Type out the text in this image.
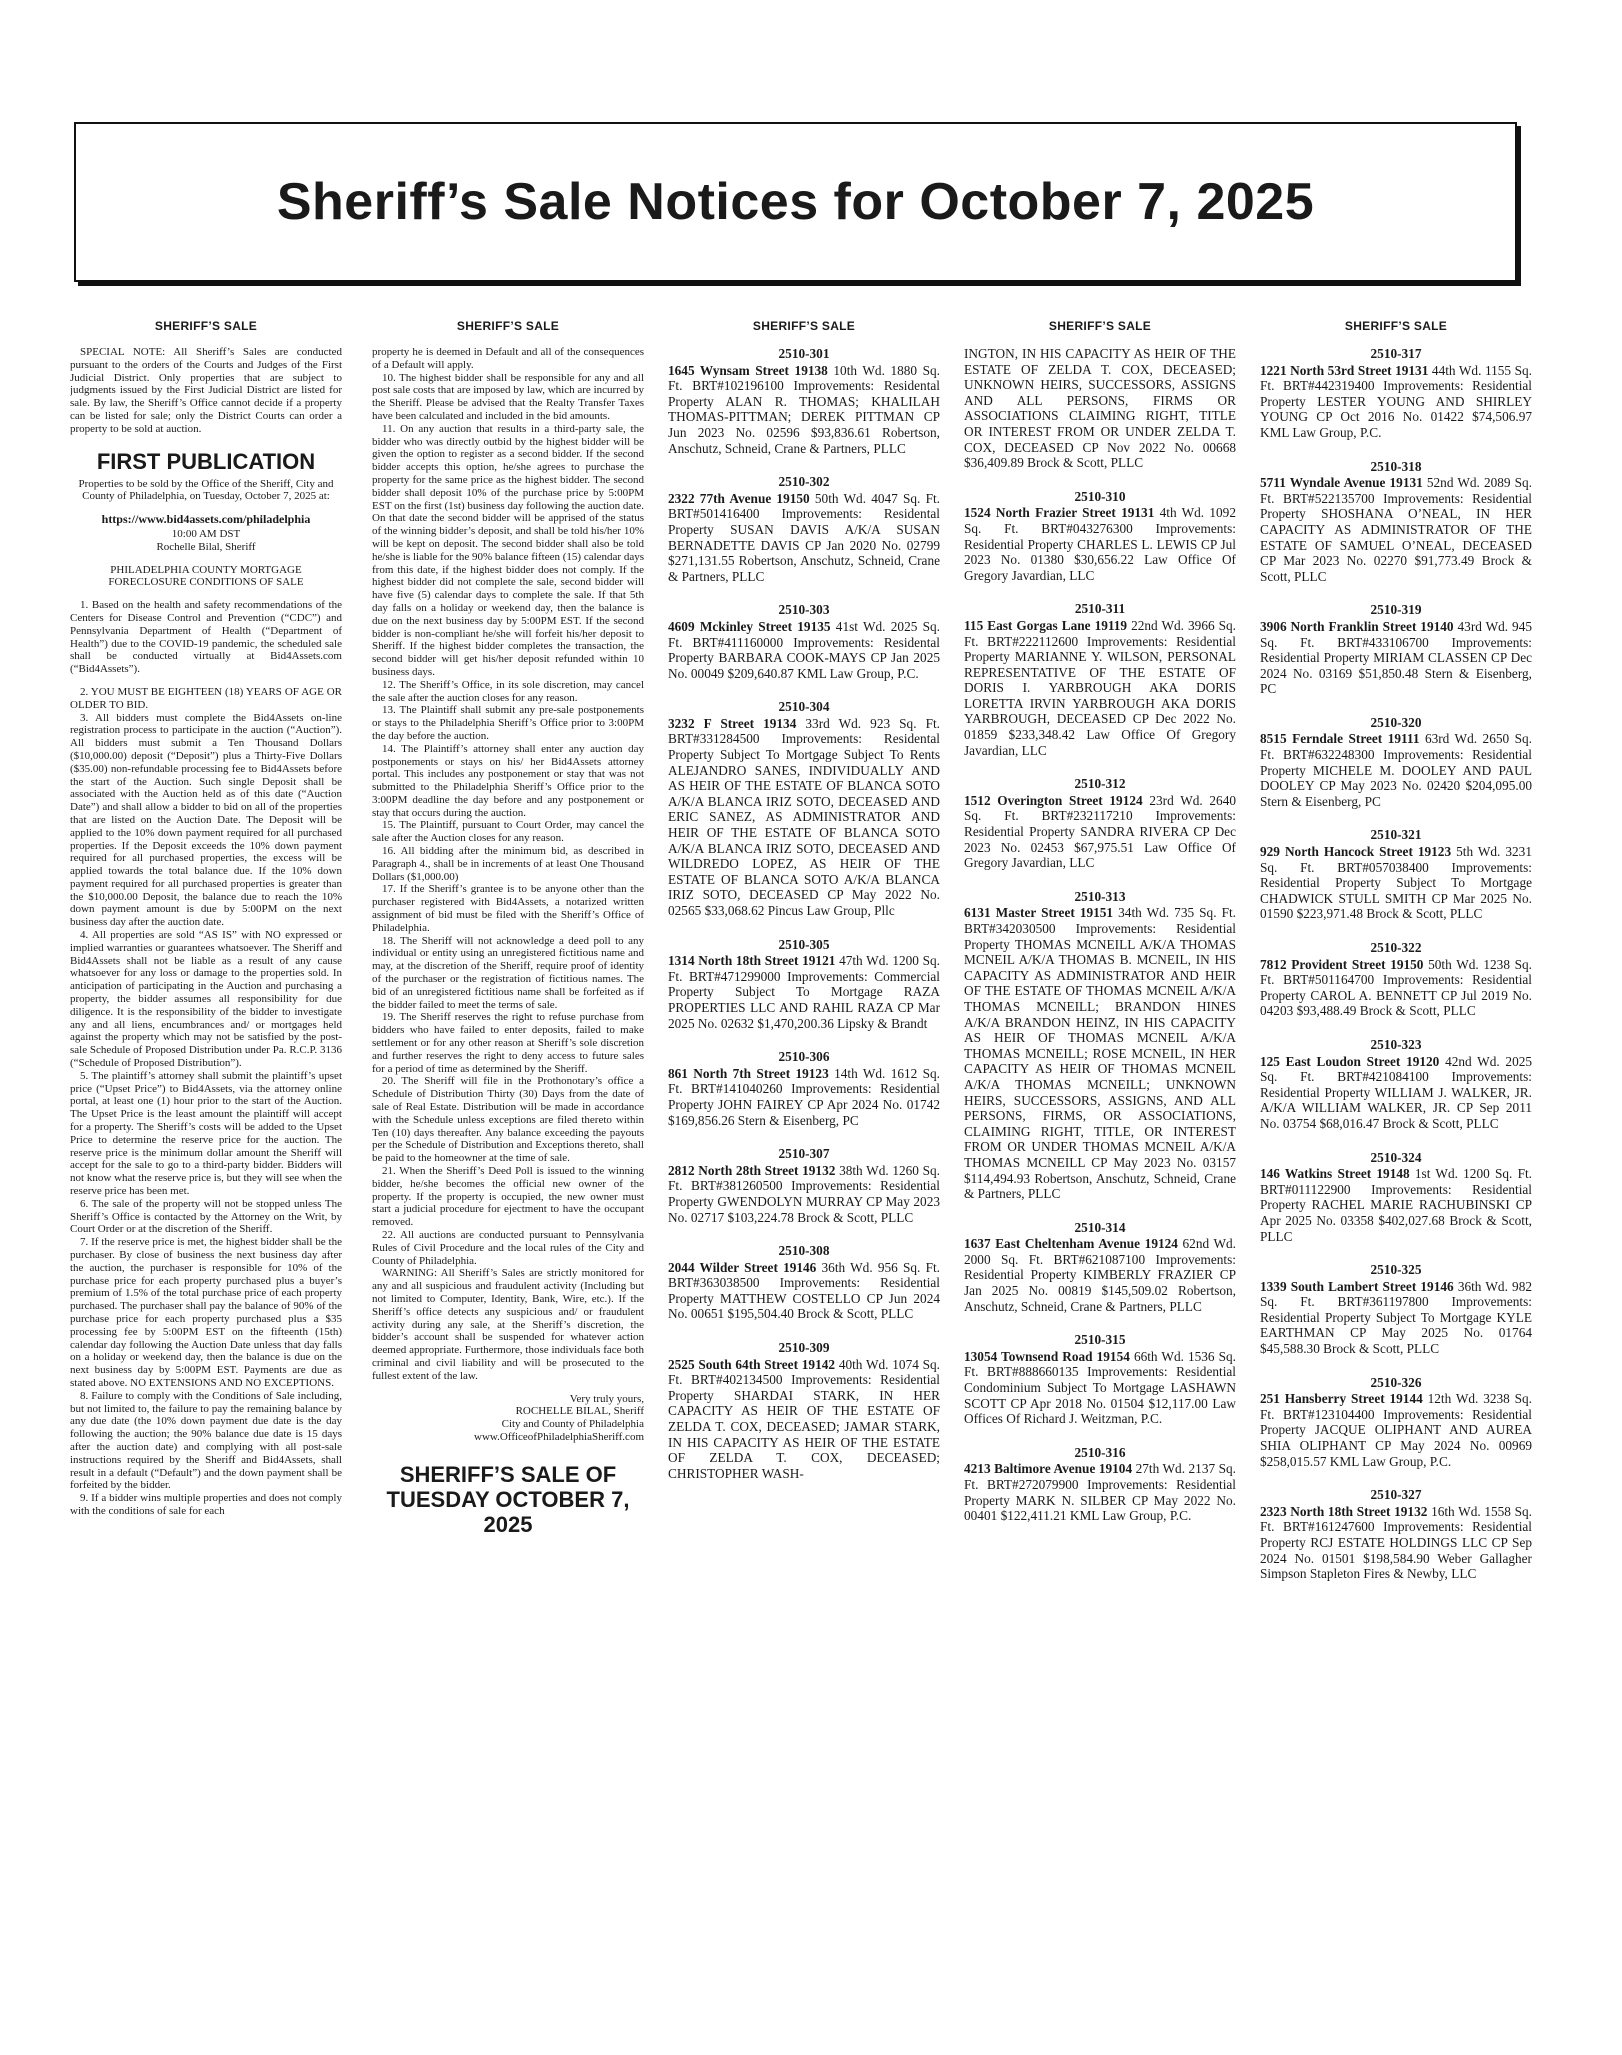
Sheriff’s Sale Notices for October 7, 2025
SHERIFF’S SALE

SPECIAL NOTE: All Sheriff’s Sales are conducted pursuant to the orders of the Courts and Judges of the First Judicial District. Only properties that are subject to judgments issued by the First Judicial District are listed for sale. By law, the Sheriff’s Office cannot decide if a property can be listed for sale; only the District Courts can order a property to be sold at auction.

FIRST PUBLICATION

Properties to be sold by the Office of the Sheriff, City and County of Philadelphia, on Tuesday, October 7, 2025 at:

https://www.bid4assets.com/philadelphia

10:00 AM DST

Rochelle Bilal, Sheriff

PHILADELPHIA COUNTY MORTGAGE FORECLOSURE CONDITIONS OF SALE

1. Based on the health and safety recommendations of the Centers for Disease Control and Prevention (“CDC”) and Pennsylvania Department of Health (“Department of Health”) due to the COVID-19 pandemic, the scheduled sale shall be conducted virtually at Bid4Assets.com (“Bid4Assets”).

2. YOU MUST BE EIGHTEEN (18) YEARS OF AGE OR OLDER TO BID.

3. All bidders must complete the Bid4Assets on-line registration process to participate in the auction (“Auction”). All bidders must submit a Ten Thousand Dollars ($10,000.00) deposit (“Deposit”) plus a Thirty-Five Dollars ($35.00) non-refundable processing fee to Bid4Assets before the start of the Auction. Such single Deposit shall be associated with the Auction held as of this date (“Auction Date”) and shall allow a bidder to bid on all of the properties that are listed on the Auction Date. The Deposit will be applied to the 10% down payment required for all purchased properties. If the Deposit exceeds the 10% down payment required for all purchased properties, the excess will be applied towards the total balance due. If the 10% down payment required for all purchased properties is greater than the $10,000.00 Deposit, the balance due to reach the 10% down payment amount is due by 5:00PM on the next business day after the auction date.

4. All properties are sold “AS IS” with NO expressed or implied warranties or guarantees whatsoever. The Sheriff and Bid4Assets shall not be liable as a result of any cause whatsoever for any loss or damage to the properties sold. In anticipation of participating in the Auction and purchasing a property, the bidder assumes all responsibility for due diligence. It is the responsibility of the bidder to investigate any and all liens, encumbrances and/ or mortgages held against the property which may not be satisfied by the post-sale Schedule of Proposed Distribution under Pa. R.C.P. 3136 (“Schedule of Proposed Distribution”).

5. The plaintiff’s attorney shall submit the plaintiff’s upset price (“Upset Price”) to Bid4Assets, via the attorney online portal, at least one (1) hour prior to the start of the Auction. The Upset Price is the least amount the plaintiff will accept for a property. The Sheriff’s costs will be added to the Upset Price to determine the reserve price for the auction. The reserve price is the minimum dollar amount the Sheriff will accept for the sale to go to a third-party bidder. Bidders will not know what the reserve price is, but they will see when the reserve price has been met.

6. The sale of the property will not be stopped unless The Sheriff’s Office is contacted by the Attorney on the Writ, by Court Order or at the discretion of the Sheriff.

7. If the reserve price is met, the highest bidder shall be the purchaser. By close of business the next business day after the auction, the purchaser is responsible for 10% of the purchase price for each property purchased plus a buyer’s premium of 1.5% of the total purchase price of each property purchased. The purchaser shall pay the balance of 90% of the purchase price for each property purchased plus a $35 processing fee by 5:00PM EST on the fifteenth (15th) calendar day following the Auction Date unless that day falls on a holiday or weekend day, then the balance is due on the next business day by 5:00PM EST. Payments are due as stated above. NO EXTENSIONS AND NO EXCEPTIONS.

8. Failure to comply with the Conditions of Sale including, but not limited to, the failure to pay the remaining balance by any due date (the 10% down payment due date is the day following the auction; the 90% balance due date is 15 days after the auction date) and complying with all post-sale instructions required by the Sheriff and Bid4Assets, shall result in a default (“Default”) and the down payment shall be forfeited by the bidder.

9. If a bidder wins multiple properties and does not comply with the conditions of sale for each

SHERIFF’S SALE

property he is deemed in Default and all of the consequences of a Default will apply.

10. The highest bidder shall be responsible for any and all post sale costs that are imposed by law, which are incurred by the Sheriff. Please be advised that the Realty Transfer Taxes have been calculated and included in the bid amounts.

11. On any auction that results in a third-party sale, the bidder who was directly outbid by the highest bidder will be given the option to register as a second bidder. If the second bidder accepts this option, he/she agrees to purchase the property for the same price as the highest bidder. The second bidder shall deposit 10% of the purchase price by 5:00PM EST on the first (1st) business day following the auction date. On that date the second bidder will be apprised of the status of the winning bidder’s deposit, and shall be told his/her 10% will be kept on deposit. The second bidder shall also be told he/she is liable for the 90% balance fifteen (15) calendar days from this date, if the highest bidder does not comply. If the highest bidder did not complete the sale, second bidder will have five (5) calendar days to complete the sale. If that 5th day falls on a holiday or weekend day, then the balance is due on the next business day by 5:00PM EST. If the second bidder is non-compliant he/she will forfeit his/her deposit to Sheriff. If the highest bidder completes the transaction, the second bidder will get his/her deposit refunded within 10 business days.

12. The Sheriff’s Office, in its sole discretion, may cancel the sale after the auction closes for any reason.

13. The Plaintiff shall submit any pre-sale postponements or stays to the Philadelphia Sheriff’s Office prior to 3:00PM the day before the auction.

14. The Plaintiff’s attorney shall enter any auction day postponements or stays on his/ her Bid4Assets attorney portal. This includes any postponement or stay that was not submitted to the Philadelphia Sheriff’s Office prior to the 3:00PM deadline the day before and any postponement or stay that occurs during the auction.

15. The Plaintiff, pursuant to Court Order, may cancel the sale after the Auction closes for any reason.

16. All bidding after the minimum bid, as described in Paragraph 4., shall be in increments of at least One Thousand Dollars ($1,000.00)

17. If the Sheriff’s grantee is to be anyone other than the purchaser registered with Bid4Assets, a notarized written assignment of bid must be filed with the Sheriff’s Office of Philadelphia.

18. The Sheriff will not acknowledge a deed poll to any individual or entity using an unregistered fictitious name and may, at the discretion of the Sheriff, require proof of identity of the purchaser or the registration of fictitious names. The bid of an unregistered fictitious name shall be forfeited as if the bidder failed to meet the terms of sale.

19. The Sheriff reserves the right to refuse purchase from bidders who have failed to enter deposits, failed to make settlement or for any other reason at Sheriff’s sole discretion and further reserves the right to deny access to future sales for a period of time as determined by the Sheriff.

20. The Sheriff will file in the Prothonotary’s office a Schedule of Distribution Thirty (30) Days from the date of sale of Real Estate. Distribution will be made in accordance with the Schedule unless exceptions are filed thereto within Ten (10) days thereafter. Any balance exceeding the payouts per the Schedule of Distribution and Exceptions thereto, shall be paid to the homeowner at the time of sale.

21. When the Sheriff’s Deed Poll is issued to the winning bidder, he/she becomes the official new owner of the property. If the property is occupied, the new owner must start a judicial procedure for ejectment to have the occupant removed.

22. All auctions are conducted pursuant to Pennsylvania Rules of Civil Procedure and the local rules of the City and County of Philadelphia.

WARNING: All Sheriff’s Sales are strictly monitored for any and all suspicious and fraudulent activity (Including but not limited to Computer, Identity, Bank, Wire, etc.). If the Sheriff’s office detects any suspicious and/ or fraudulent activity during any sale, at the Sheriff’s discretion, the bidder’s account shall be suspended for whatever action deemed appropriate. Furthermore, those individuals face both criminal and civil liability and will be prosecuted to the fullest extent of the law.

Very truly yours,

ROCHELLE BILAL, Sheriff

City and County of Philadelphia

www.OfficeofPhiladelphiaSheriff.com

SHERIFF’S SALE OF TUESDAY OCTOBER 7, 2025
SHERIFF’S SALE
2510-301
1645 Wynsam Street 19138 10th Wd. 1880 Sq. Ft. BRT#102196100 Improvements: Residental Property ALAN R. THOMAS; KHALILAH THOMAS-PITTMAN; DEREK PITTMAN CP Jun 2023 No. 02596 $93,836.61 Robertson, Anschutz, Schneid, Crane & Partners, PLLC
2510-302
2322 77th Avenue 19150 50th Wd. 4047 Sq. Ft. BRT#501416400 Improvements: Residental Property SUSAN DAVIS A/K/A SUSAN BERNADETTE DAVIS CP Jan 2020 No. 02799 $271,131.55 Robertson, Anschutz, Schneid, Crane & Partners, PLLC
2510-303
4609 Mckinley Street 19135 41st Wd. 2025 Sq. Ft. BRT#411160000 Improvements: Residental Property BARBARA COOK-MAYS CP Jan 2025 No. 00049 $209,640.87 KML Law Group, P.C.
2510-304
3232 F Street 19134 33rd Wd. 923 Sq. Ft. BRT#331284500 Improvements: Residental Property Subject To Mortgage Subject To Rents ALEJANDRO SANES, INDIVIDUALLY AND AS HEIR OF THE ESTATE OF BLANCA SOTO A/K/A BLANCA IRIZ SOTO, DECEASED AND ERIC SANEZ, AS ADMINISTRATOR AND HEIR OF THE ESTATE OF BLANCA SOTO A/K/A BLANCA IRIZ SOTO, DECEASED AND WILDREDO LOPEZ, AS HEIR OF THE ESTATE OF BLANCA SOTO A/K/A BLANCA IRIZ SOTO, DECEASED CP May 2022 No. 02565 $33,068.62 Pincus Law Group, Pllc
2510-305
1314 North 18th Street 19121 47th Wd. 1200 Sq. Ft. BRT#471299000 Improvements: Commercial Property Subject To Mortgage RAZA PROPERTIES LLC AND RAHIL RAZA CP Mar 2025 No. 02632 $1,470,200.36 Lipsky & Brandt
2510-306
861 North 7th Street 19123 14th Wd. 1612 Sq. Ft. BRT#141040260 Improvements: Residential Property JOHN FAIREY CP Apr 2024 No. 01742 $169,856.26 Stern & Eisenberg, PC
2510-307
2812 North 28th Street 19132 38th Wd. 1260 Sq. Ft. BRT#381260500 Improvements: Residential Property GWENDOLYN MURRAY CP May 2023 No. 02717 $103,224.78 Brock & Scott, PLLC
2510-308
2044 Wilder Street 19146 36th Wd. 956 Sq. Ft. BRT#363038500 Improvements: Residential Property MATTHEW COSTELLO CP Jun 2024 No. 00651 $195,504.40 Brock & Scott, PLLC
2510-309
2525 South 64th Street 19142 40th Wd. 1074 Sq. Ft. BRT#402134500 Improvements: Residential Property SHARDAI STARK, IN HER CAPACITY AS HEIR OF THE ESTATE OF ZELDA T. COX, DECEASED; JAMAR STARK, IN HIS CAPACITY AS HEIR OF THE ESTATE OF ZELDA T. COX, DECEASED; CHRISTOPHER WASH-
SHERIFF’S SALE
INGTON, IN HIS CAPACITY AS HEIR OF THE ESTATE OF ZELDA T. COX, DECEASED; UNKNOWN HEIRS, SUCCESSORS, ASSIGNS AND ALL PERSONS, FIRMS OR ASSOCIATIONS CLAIMING RIGHT, TITLE OR INTEREST FROM OR UNDER ZELDA T. COX, DECEASED CP Nov 2022 No. 00668 $36,409.89 Brock & Scott, PLLC
2510-310
1524 North Frazier Street 19131 4th Wd. 1092 Sq. Ft. BRT#043276300 Improvements: Residential Property CHARLES L. LEWIS CP Jul 2023 No. 01380 $30,656.22 Law Office Of Gregory Javardian, LLC
2510-311
115 East Gorgas Lane 19119 22nd Wd. 3966 Sq. Ft. BRT#222112600 Improvements: Residential Property MARIANNE Y. WILSON, PERSONAL REPRESENTATIVE OF THE ESTATE OF DORIS I. YARBROUGH AKA DORIS LORETTA IRVIN YARBROUGH AKA DORIS YARBROUGH, DECEASED CP Dec 2022 No. 01859 $233,348.42 Law Office Of Gregory Javardian, LLC
2510-312
1512 Overington Street 19124 23rd Wd. 2640 Sq. Ft. BRT#232117210 Improvements: Residential Property SANDRA RIVERA CP Dec 2023 No. 02453 $67,975.51 Law Office Of Gregory Javardian, LLC
2510-313
6131 Master Street 19151 34th Wd. 735 Sq. Ft. BRT#342030500 Improvements: Residential Property THOMAS MCNEILL A/K/A THOMAS MCNEIL A/K/A THOMAS B. MCNEIL, IN HIS CAPACITY AS ADMINISTRATOR AND HEIR OF THE ESTATE OF THOMAS MCNEIL A/K/A THOMAS MCNEILL; BRANDON HINES A/K/A BRANDON HEINZ, IN HIS CAPACITY AS HEIR OF THOMAS MCNEIL A/K/A THOMAS MCNEILL; ROSE MCNEIL, IN HER CAPACITY AS HEIR OF THOMAS MCNEIL A/K/A THOMAS MCNEILL; UNKNOWN HEIRS, SUCCESSORS, ASSIGNS, AND ALL PERSONS, FIRMS, OR ASSOCIATIONS, CLAIMING RIGHT, TITLE, OR INTEREST FROM OR UNDER THOMAS MCNEIL A/K/A THOMAS MCNEILL CP May 2023 No. 03157 $114,494.93 Robertson, Anschutz, Schneid, Crane & Partners, PLLC
2510-314
1637 East Cheltenham Avenue 19124 62nd Wd. 2000 Sq. Ft. BRT#621087100 Improvements: Residential Property KIMBERLY FRAZIER CP Jan 2025 No. 00819 $145,509.02 Robertson, Anschutz, Schneid, Crane & Partners, PLLC
2510-315
13054 Townsend Road 19154 66th Wd. 1536 Sq. Ft. BRT#888660135 Improvements: Residential Condominium Subject To Mortgage LASHAWN SCOTT CP Apr 2018 No. 01504 $12,117.00 Law Offices Of Richard J. Weitzman, P.C.
2510-316
4213 Baltimore Avenue 19104 27th Wd. 2137 Sq. Ft. BRT#272079900 Improvements: Residential Property MARK N. SILBER CP May 2022 No. 00401 $122,411.21 KML Law Group, P.C.
SHERIFF’S SALE
2510-317
1221 North 53rd Street 19131 44th Wd. 1155 Sq. Ft. BRT#442319400 Improvements: Residential Property LESTER YOUNG AND SHIRLEY YOUNG CP Oct 2016 No. 01422 $74,506.97 KML Law Group, P.C.
2510-318
5711 Wyndale Avenue 19131 52nd Wd. 2089 Sq. Ft. BRT#522135700 Improvements: Residential Property SHOSHANA O’NEAL, IN HER CAPACITY AS ADMINISTRATOR OF THE ESTATE OF SAMUEL O’NEAL, DECEASED CP Mar 2023 No. 02270 $91,773.49 Brock & Scott, PLLC
2510-319
3906 North Franklin Street 19140 43rd Wd. 945 Sq. Ft. BRT#433106700 Improvements: Residential Property MIRIAM CLASSEN CP Dec 2024 No. 03169 $51,850.48 Stern & Eisenberg, PC
2510-320
8515 Ferndale Street 19111 63rd Wd. 2650 Sq. Ft. BRT#632248300 Improvements: Residential Property MICHELE M. DOOLEY AND PAUL DOOLEY CP May 2023 No. 02420 $204,095.00 Stern & Eisenberg, PC
2510-321
929 North Hancock Street 19123 5th Wd. 3231 Sq. Ft. BRT#057038400 Improvements: Residential Property Subject To Mortgage CHADWICK STULL SMITH CP Mar 2025 No. 01590 $223,971.48 Brock & Scott, PLLC
2510-322
7812 Provident Street 19150 50th Wd. 1238 Sq. Ft. BRT#501164700 Improvements: Residential Property CAROL A. BENNETT CP Jul 2019 No. 04203 $93,488.49 Brock & Scott, PLLC
2510-323
125 East Loudon Street 19120 42nd Wd. 2025 Sq. Ft. BRT#421084100 Improvements: Residential Property WILLIAM J. WALKER, JR. A/K/A WILLIAM WALKER, JR. CP Sep 2011 No. 03754 $68,016.47 Brock & Scott, PLLC
2510-324
146 Watkins Street 19148 1st Wd. 1200 Sq. Ft. BRT#011122900 Improvements: Residential Property RACHEL MARIE RACHUBINSKI CP Apr 2025 No. 03358 $402,027.68 Brock & Scott, PLLC
2510-325
1339 South Lambert Street 19146 36th Wd. 982 Sq. Ft. BRT#361197800 Improvements: Residential Property Subject To Mortgage KYLE EARTHMAN CP May 2025 No. 01764 $45,588.30 Brock & Scott, PLLC
2510-326
251 Hansberry Street 19144 12th Wd. 3238 Sq. Ft. BRT#123104400 Improvements: Residential Property JACQUE OLIPHANT AND AUREA SHIA OLIPHANT CP May 2024 No. 00969 $258,015.57 KML Law Group, P.C.
2510-327
2323 North 18th Street 19132 16th Wd. 1558 Sq. Ft. BRT#161247600 Improvements: Residential Property RCJ ESTATE HOLDINGS LLC CP Sep 2024 No. 01501 $198,584.90 Weber Gallagher Simpson Stapleton Fires & Newby, LLC
